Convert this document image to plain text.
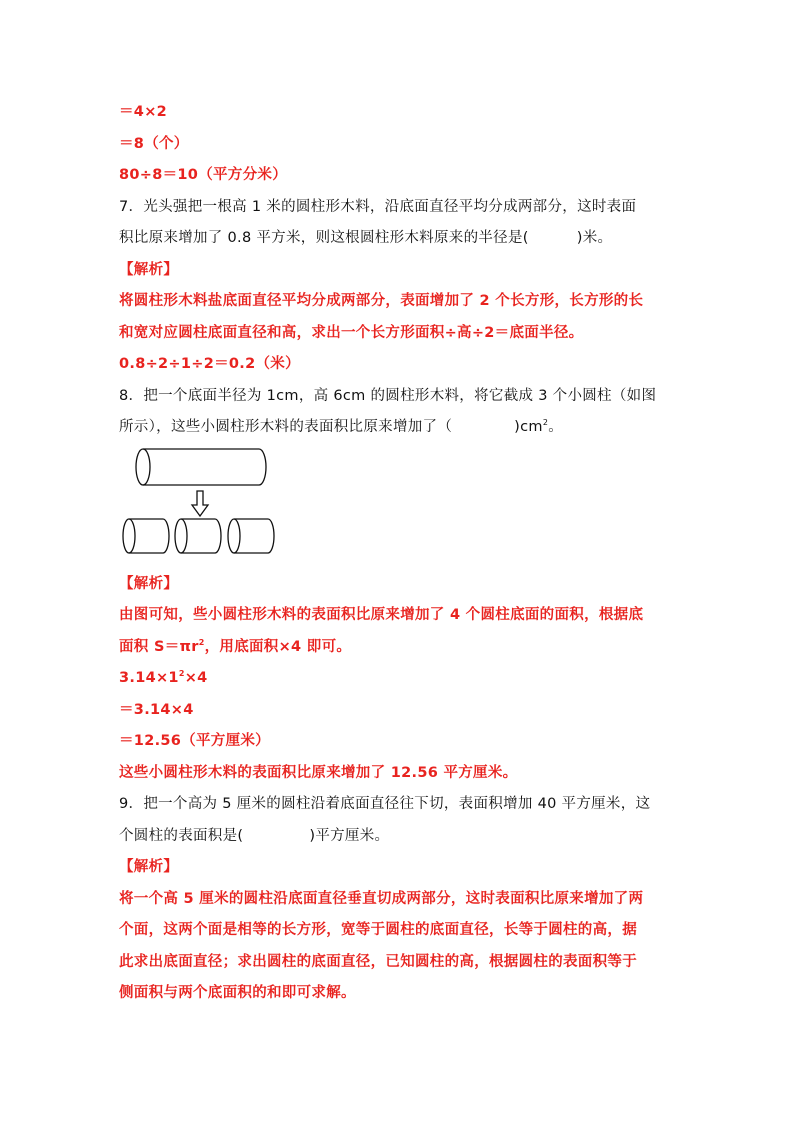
＝4×2
＝8（个）
80÷8＝10（平方分米）
7．光头强把一根高 1 米的圆柱形木料，沿底面直径平均分成两部分，这时表面
积比原来增加了 0.8 平方米，则这根圆柱形木料原来的半径是(	)米。
【解析】
将圆柱形木料盐底面直径平均分成两部分，表面增加了 2 个长方形，长方形的长
和宽对应圆柱底面直径和高，求出一个长方形面积÷高÷2＝底面半径。
0.8÷2÷1÷2＝0.2（米）
8．把一个底面半径为 1cm，高 6cm 的圆柱形木料，将它截成 3 个小圆柱（如图
所示），这些小圆柱形木料的表面积比原来增加了（	)$cm^2$。
【解析】
由图可知，些小圆柱形木料的表面积比原来增加了 4 个圆柱底面的面积，根据底
面积 $S=\pi r^2$，用底面积×4 即可。
$3.14\times 1^2\times 4$
＝3.14×4
＝12.56（平方厘米）
这些小圆柱形木料的表面积比原来增加了 12.56 平方厘米。
9．把一个高为 5 厘米的圆柱沿着底面直径往下切，表面积增加 40 平方厘米，这
个圆柱的表面积是(	)平方厘米。
【解析】
将一个高 5 厘米的圆柱沿底面直径垂直切成两部分，这时表面积比原来增加了两
个面，这两个面是相等的长方形，宽等于圆柱的底面直径，长等于圆柱的高，据
此求出底面直径；求出圆柱的底面直径，已知圆柱的高，根据圆柱的表面积等于
侧面积与两个底面积的和即可求解。
